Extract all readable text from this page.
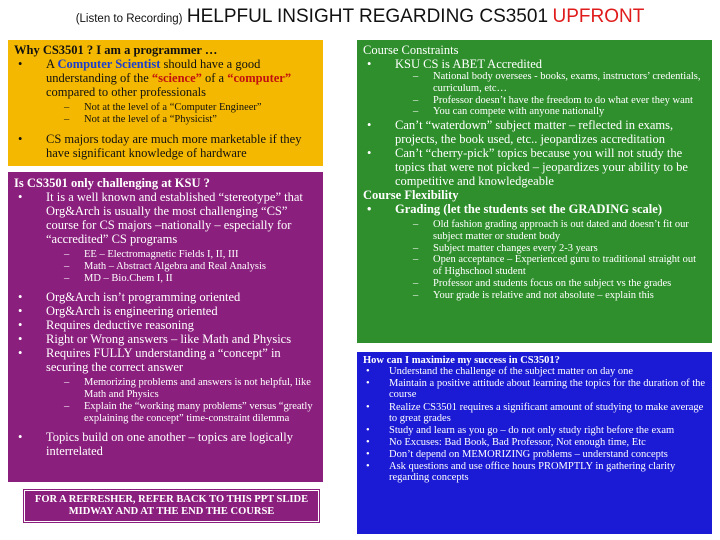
(Listen to Recording) HELPFUL INSIGHT REGARDING CS3501 UPFRONT
Why CS3501 ? I am a programmer …
• A Computer Scientist should have a good understanding of the “science” of a “computer” compared to other professionals
– Not at the level of a “Computer Engineer”
– Not at the level of a “Physicist”
• CS majors today are much more marketable if they have significant knowledge of hardware
Is CS3501 only challenging at KSU ?
• It is a well known and established “stereotype” that Org&Arch is usually the most challenging “CS” course for CS majors –nationally – especially for “accredited” CS programs
– EE – Electromagnetic Fields I, II, III
– Math – Abstract Algebra and Real Analysis
– MD – Bio.Chem I, II
• Org&Arch isn’t programming oriented
• Org&Arch is engineering oriented
• Requires deductive reasoning
• Right or Wrong answers – like Math and Physics
• Requires FULLY understanding a “concept” in securing the correct answer
– Memorizing problems and answers is not helpful, like Math and Physics
– Explain the “working many problems” versus “greatly explaining the concept” time-constraint dilemma
• Topics build on one another – topics are logically interrelated
FOR A REFRESHER, REFER BACK TO THIS PPT SLIDE MIDWAY AND AT THE END THE COURSE
Course Constraints
• KSU CS is ABET Accredited
– National body oversees - books, exams, instructors’ credentials, curriculum, etc…
– Professor doesn’t have the freedom to do what ever they want
– You can compete with anyone nationally
• Can’t “waterdown” subject matter – reflected in exams, projects, the book used, etc.. jeopardizes accreditation
• Can’t “cherry-pick” topics because you will not study the topics that were not picked – jeopardizes your ability to be competitive and knowledgeable
Course Flexibility
• Grading (let the students set the GRADING scale)
– Old fashion grading approach is out dated and doesn’t fit our subject matter or student body
– Subject matter changes every 2-3 years
– Open acceptance – Experienced guru to traditional straight out of Highschool student
– Professor and students focus on the subject vs the grades
– Your grade is relative and not absolute – explain this
How can I maximize my success in CS3501?
• Understand the challenge of the subject matter on day one
• Maintain a positive attitude about learning the topics for the duration of the course
• Realize CS3501 requires a significant amount of studying to make average to great grades
• Study and learn as you go – do not only study right before the exam
• No Excuses: Bad Book, Bad Professor, Not enough time, Etc
• Don’t depend on MEMORIZING problems – understand concepts
• Ask questions and use office hours PROMPTLY in gathering clarity regarding concepts
